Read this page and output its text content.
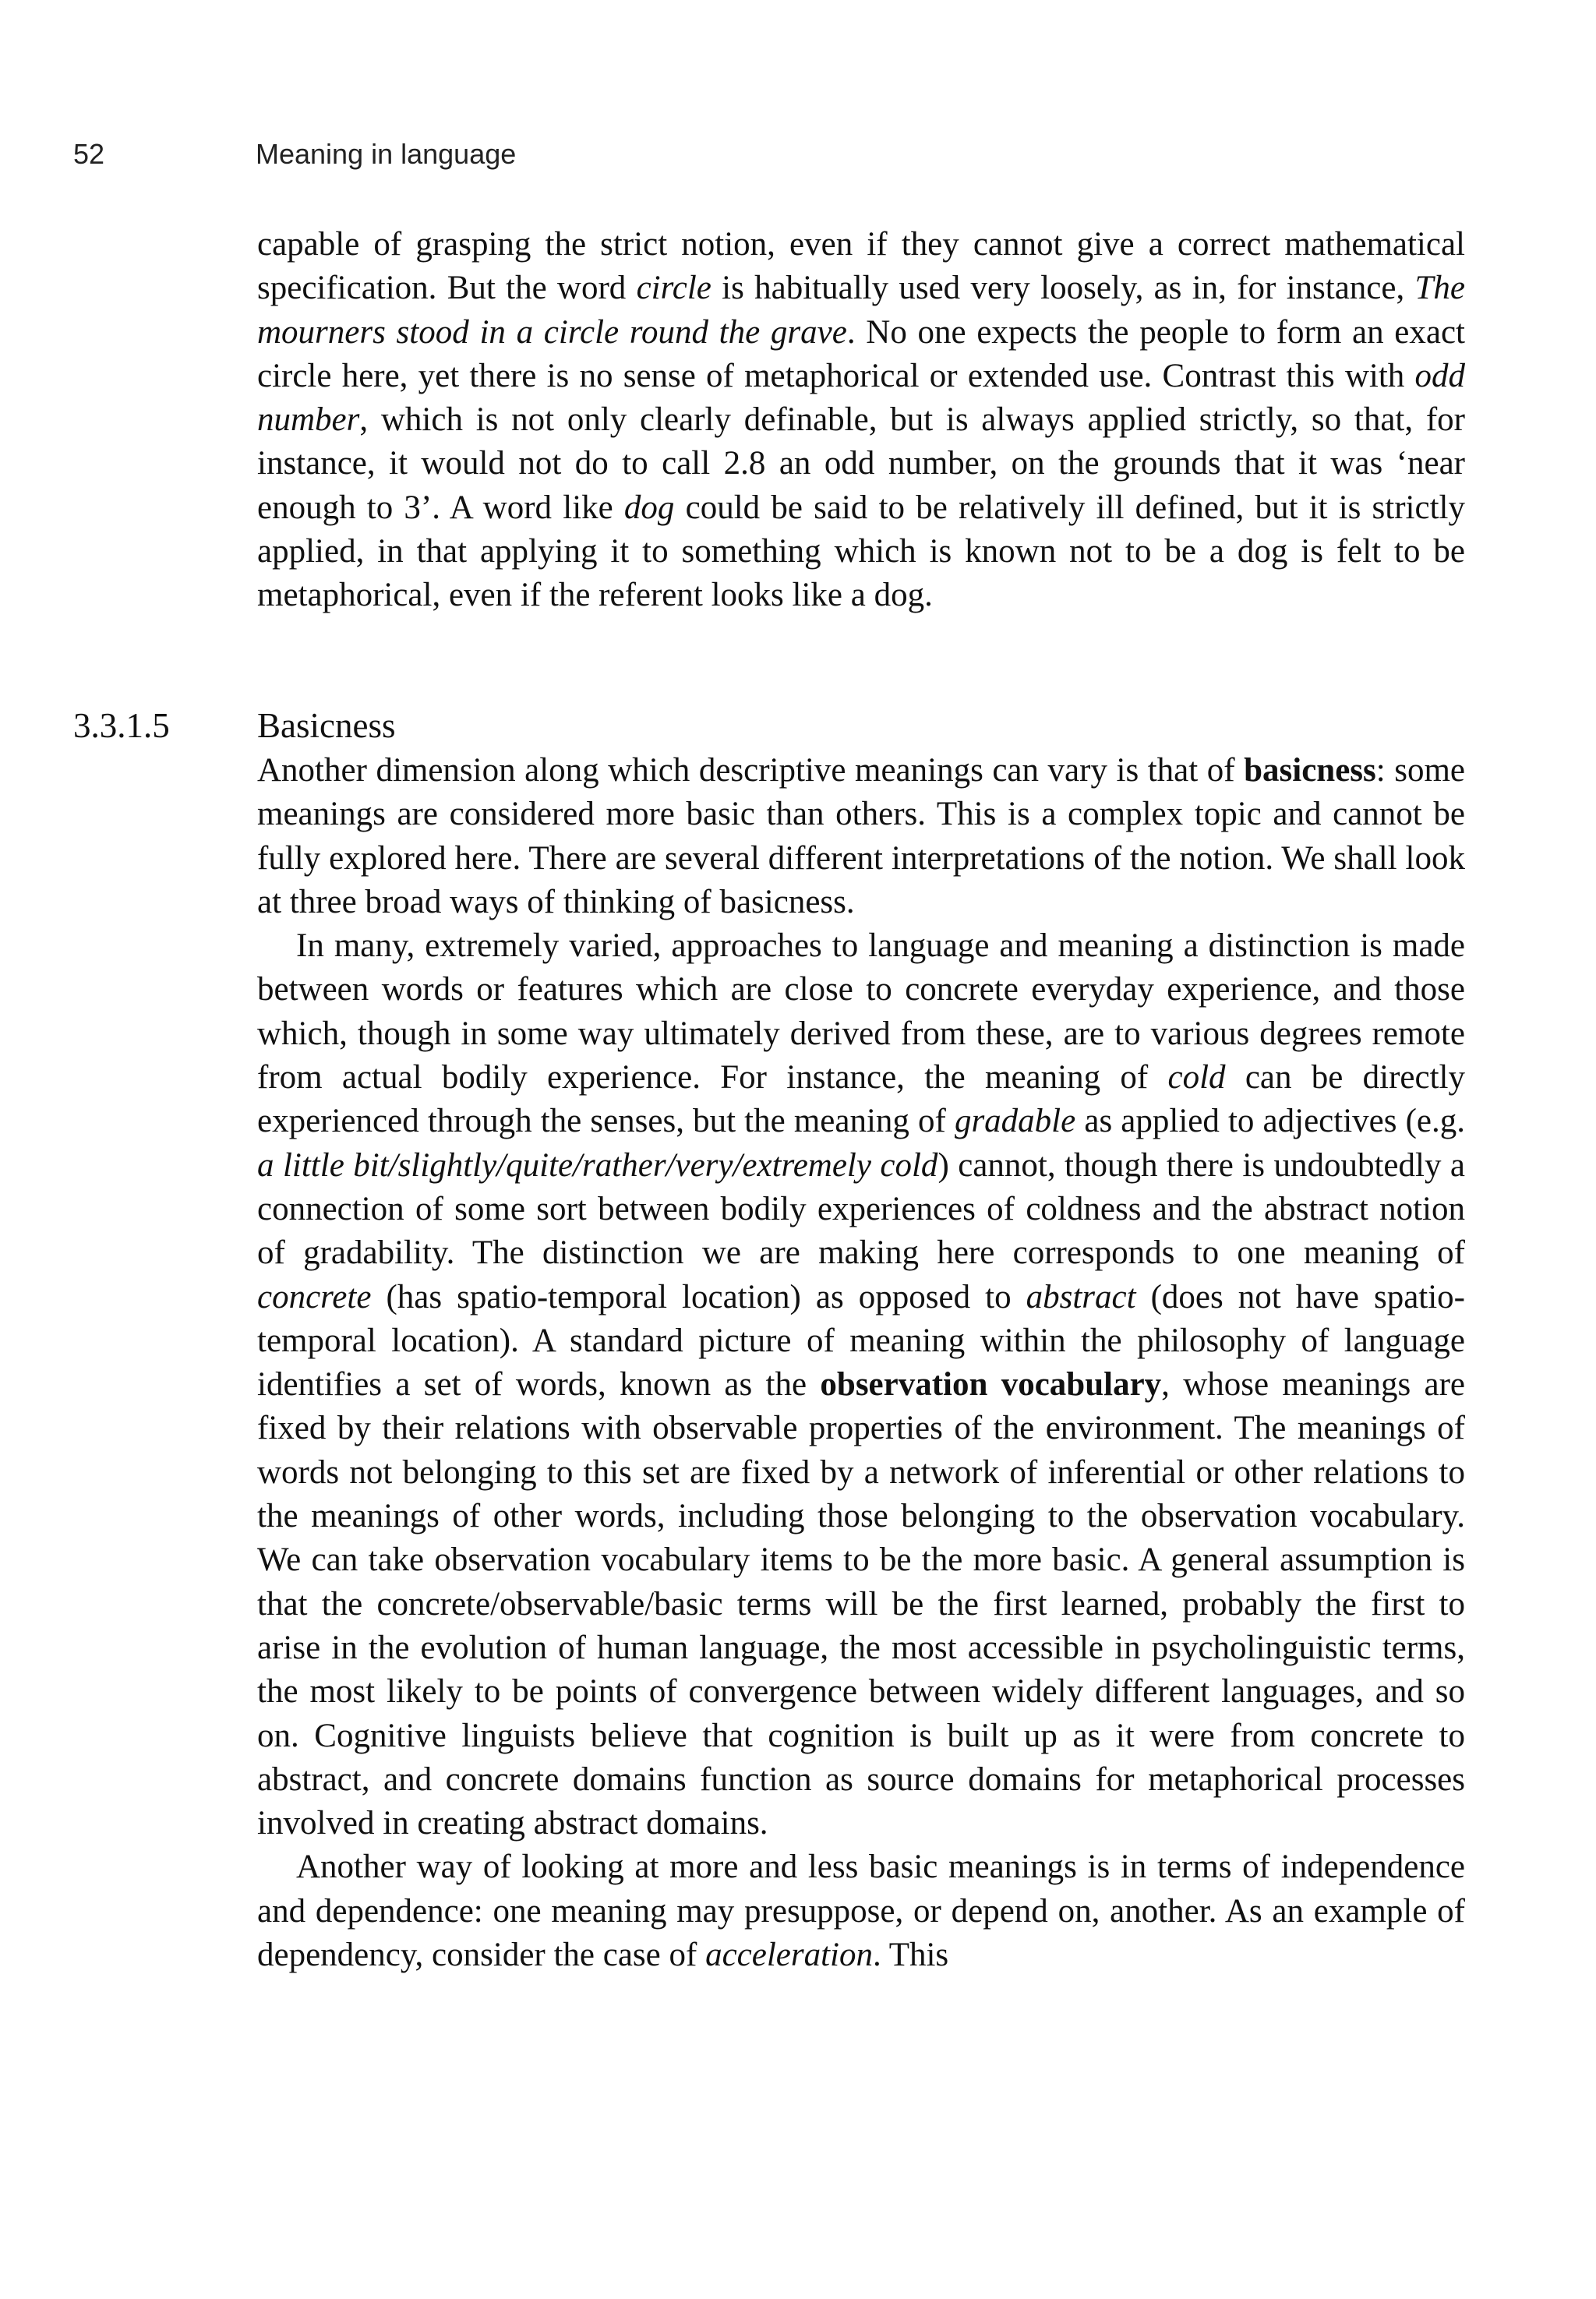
52	Meaning in language

capable of grasping the strict notion, even if they cannot give a correct mathematical specification. But the word circle is habitually used very loosely, as in, for instance, The mourners stood in a circle round the grave. No one expects the people to form an exact circle here, yet there is no sense of metaphorical or extended use. Contrast this with odd number, which is not only clearly definable, but is always applied strictly, so that, for instance, it would not do to call 2.8 an odd number, on the grounds that it was ‘near enough to 3’. A word like dog could be said to be relatively ill defined, but it is strictly applied, in that applying it to something which is known not to be a dog is felt to be metaphorical, even if the referent looks like a dog.

3.3.1.5 Basicness

Another dimension along which descriptive meanings can vary is that of basicness: some meanings are considered more basic than others. This is a complex topic and cannot be fully explored here. There are several different interpretations of the notion. We shall look at three broad ways of thinking of basicness.

In many, extremely varied, approaches to language and meaning a distinction is made between words or features which are close to concrete everyday experience, and those which, though in some way ultimately derived from these, are to various degrees remote from actual bodily experience. For instance, the meaning of cold can be directly experienced through the senses, but the meaning of gradable as applied to adjectives (e.g. a little bit/slightly/quite/rather/very/extremely cold) cannot, though there is undoubtedly a connection of some sort between bodily experiences of coldness and the abstract notion of gradability. The distinction we are making here corresponds to one meaning of concrete (has spatio-temporal location) as opposed to abstract (does not have spatio-temporal location). A standard picture of meaning within the philosophy of language identifies a set of words, known as the observation vocabulary, whose meanings are fixed by their relations with observable properties of the environment. The meanings of words not belonging to this set are fixed by a network of inferential or other relations to the meanings of other words, including those belonging to the observation vocabulary. We can take observation vocabulary items to be the more basic. A general assumption is that the concrete/observable/basic terms will be the first learned, probably the first to arise in the evolution of human language, the most accessible in psycholinguistic terms, the most likely to be points of convergence between widely different languages, and so on. Cognitive linguists believe that cognition is built up as it were from concrete to abstract, and concrete domains function as source domains for metaphorical processes involved in creating abstract domains.

Another way of looking at more and less basic meanings is in terms of independence and dependence: one meaning may presuppose, or depend on, another. As an example of dependency, consider the case of acceleration. This
